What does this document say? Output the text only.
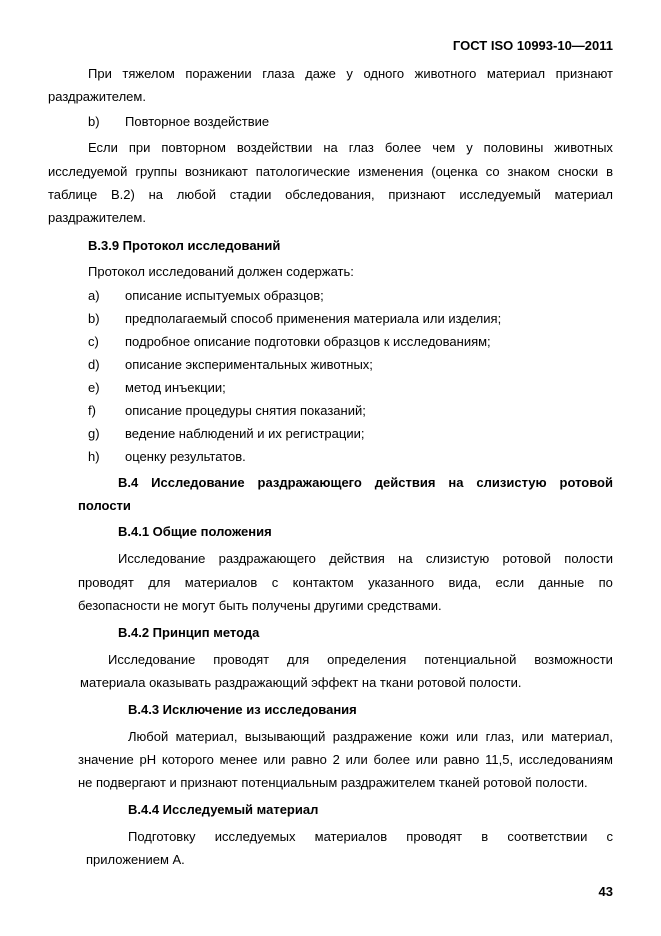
ГОСТ ISO 10993-10—2011
При тяжелом поражении глаза даже у одного животного материал признают
раздражителем.
b) Повторное воздействие
Если при повторном воздействии на глаз более чем у половины животных
исследуемой группы возникают патологические изменения (оценка со знаком сноски в
таблице В.2) на любой стадии обследования, признают исследуемый материал
раздражителем.
В.3.9 Протокол исследований
Протокол исследований должен содержать:
a) описание испытуемых образцов;
b) предполагаемый способ применения материала или изделия;
c) подробное описание подготовки образцов к исследованиям;
d) описание экспериментальных животных;
e) метод инъекции;
f) описание процедуры снятия показаний;
g) ведение наблюдений и их регистрации;
h) оценку результатов.
В.4 Исследование раздражающего действия на слизистую ротовой
полости
В.4.1 Общие положения
Исследование раздражающего действия на слизистую ротовой полости
проводят для материалов с контактом указанного вида, если данные по
безопасности не могут быть получены другими средствами.
В.4.2 Принцип метода
Исследование проводят для определения потенциальной возможности
материала оказывать раздражающий эффект на ткани ротовой полости.
В.4.3 Исключение из исследования
Любой материал, вызывающий раздражение кожи или глаз, или материал,
значение pH которого менее или равно 2 или более или равно 11,5, исследованиям
не подвергают и признают потенциальным раздражителем тканей ротовой полости.
В.4.4 Исследуемый материал
Подготовку исследуемых материалов проводят в соответствии с
приложением А.
43
